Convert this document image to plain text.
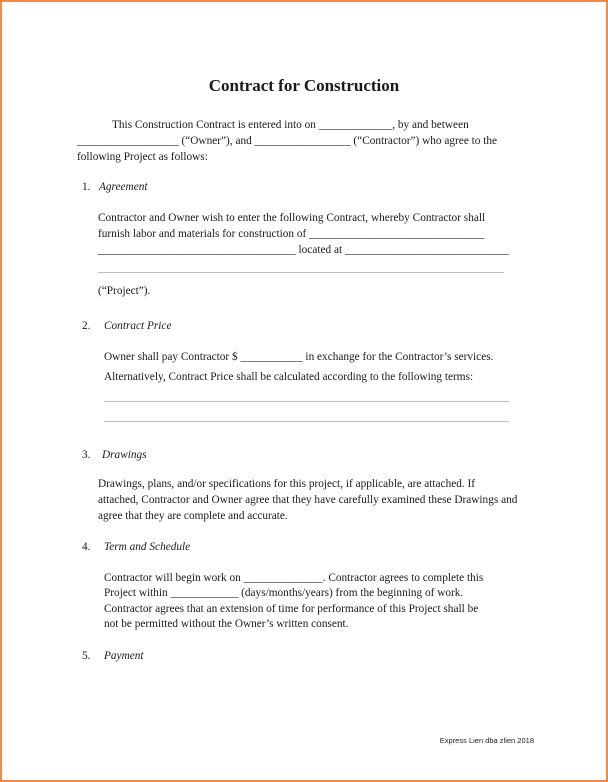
Contract for Construction
This Construction Contract is entered into on _____________, by and between
__________________ (“Owner”), and _________________ (“Contractor”) who agree to the
following Project as follows:
1. Agreement
Contractor and Owner wish to enter the following Contract, whereby Contractor shall
furnish labor and materials for construction of _______________________________
___________________________________ located at _____________________________
(“Project”).
2. Contract Price
Owner shall pay Contractor $ ___________ in exchange for the Contractor’s services.
Alternatively, Contract Price shall be calculated according to the following terms:
3. Drawings
Drawings, plans, and/or specifications for this project, if applicable, are attached. If
attached, Contractor and Owner agree that they have carefully examined these Drawings and
agree that they are complete and accurate.
4. Term and Schedule
Contractor will begin work on ______________. Contractor agrees to complete this
Project within ____________ (days/months/years) from the beginning of work.
Contractor agrees that an extension of time for performance of this Project shall be
not be permitted without the Owner’s written consent.
5. Payment
Express Lien dba zlien 2018
